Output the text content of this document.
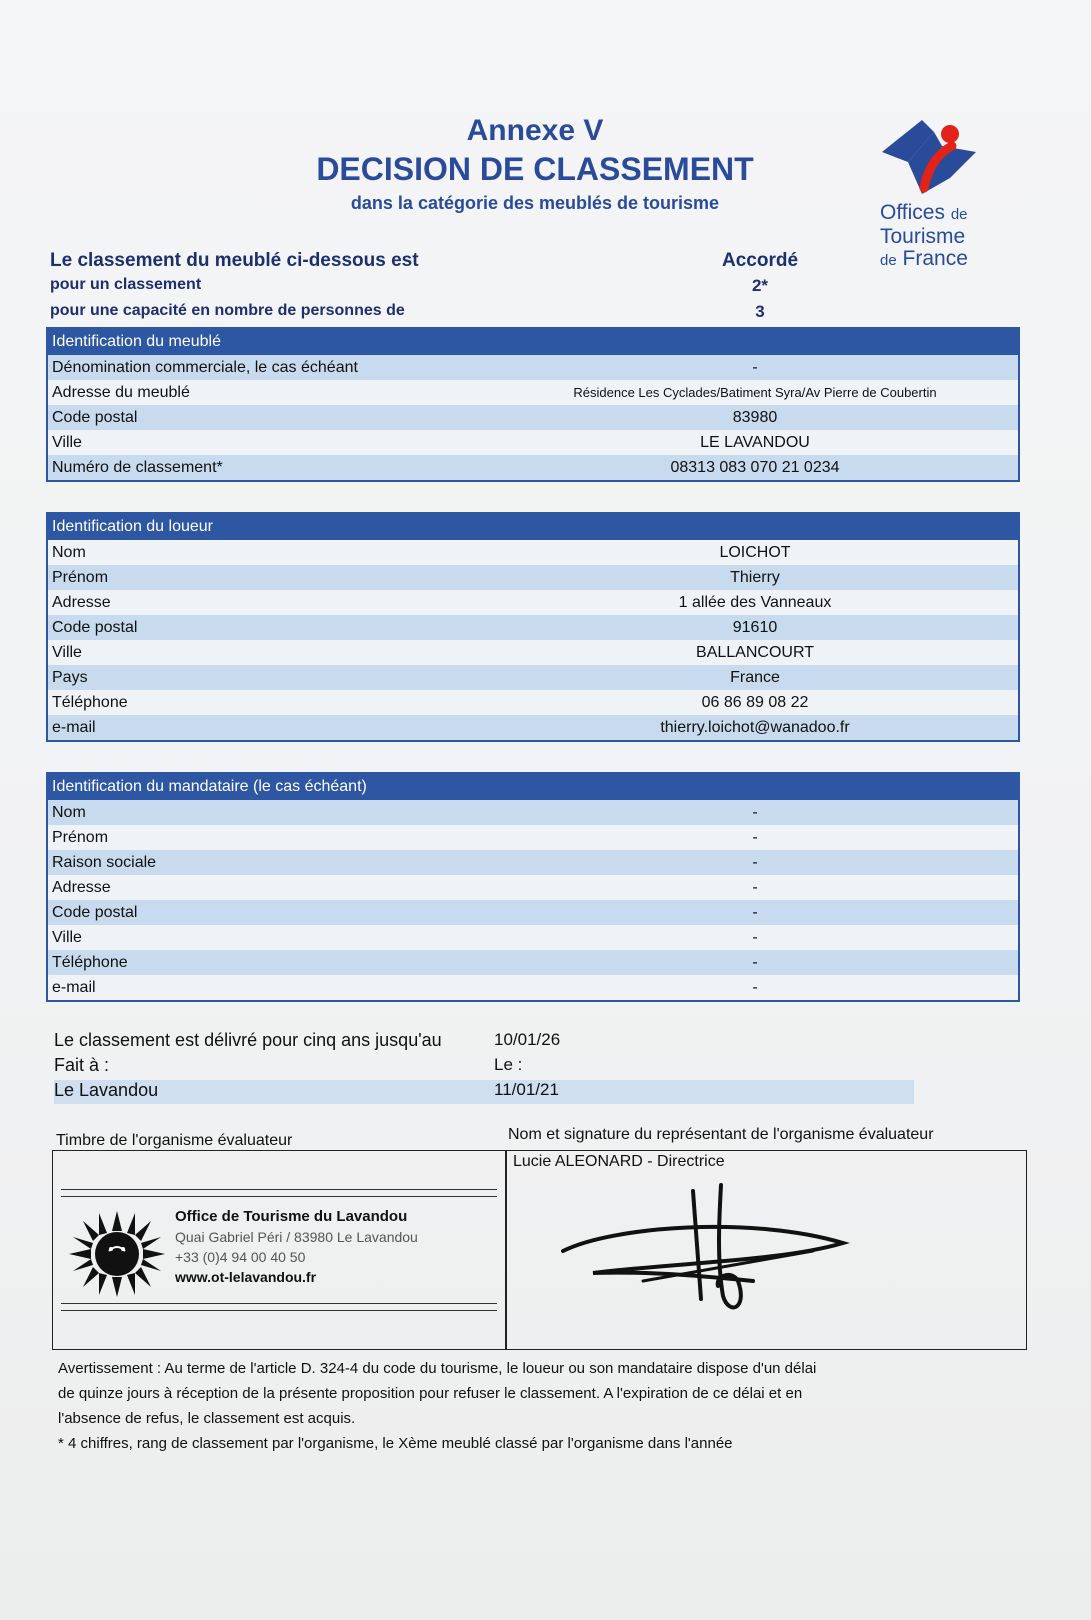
Annexe V
DECISION DE CLASSEMENT
dans la catégorie des meublés de tourisme	Offices de
Tourisme
de France
Le classement du meublé ci-dessous est	Accordé
pour un classement	2*
pour une capacité en nombre de personnes de	3
Identification du meublé
Dénomination commerciale, le cas échéant	-
Adresse du meublé	Résidence Les Cyclades/Batiment Syra/Av Pierre de Coubertin
Code postal	83980
Ville	LE LAVANDOU
Numéro de classement*	08313 083 070 21 0234
Identification du loueur
Nom	LOICHOT
Prénom	Thierry
Adresse	1 allée des Vanneaux
Code postal	91610
Ville	BALLANCOURT
Pays	France
Téléphone	06 86 89 08 22
e-mail	thierry.loichot@wanadoo.fr
Identification du mandataire (le cas échéant)
Nom	-
Prénom	-
Raison sociale	-
Adresse	-
Code postal	-
Ville	-
Téléphone	-
e-mail	-
Le classement est délivré pour cinq ans jusqu'au	10/01/26
Fait à :	Le :
Le Lavandou	11/01/21
Timbre de l'organisme évaluateur	Nom et signature du représentant de l'organisme évaluateur
Office de Tourisme du Lavandou
Quai Gabriel Péri / 83980 Le Lavandou
+33 (0)4 94 00 40 50
www.ot-lelavandou.fr
Lucie ALEONARD - Directrice
Avertissement : Au terme de l'article D. 324-4 du code du tourisme, le loueur ou son mandataire dispose d'un délai
de quinze jours à réception de la présente proposition pour refuser le classement. A l'expiration de ce délai et en
l'absence de refus, le classement est acquis.
* 4 chiffres, rang de classement par l'organisme, le Xème meublé classé par l'organisme dans l'année
